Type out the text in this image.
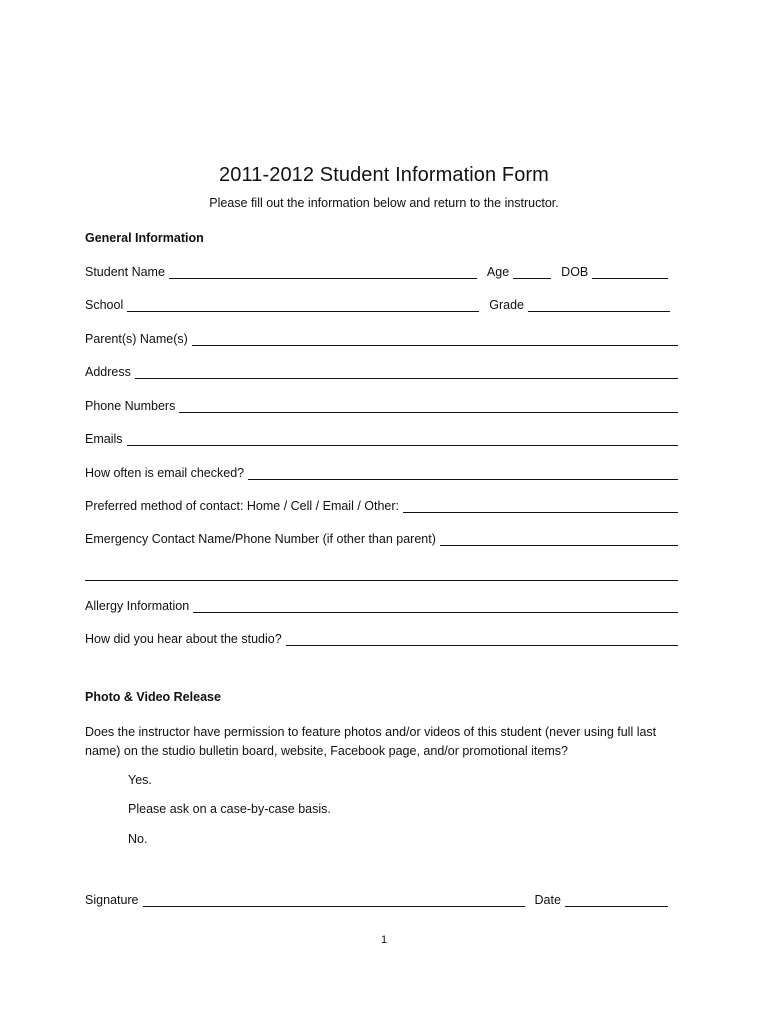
2011-2012 Student Information Form
Please fill out the information below and return to the instructor.
General Information
Student Name	Age	DOB
School	Grade
Parent(s) Name(s)
Address
Phone Numbers
Emails
How often is email checked?
Preferred method of contact: Home / Cell / Email / Other:
Emergency Contact Name/Phone Number (if other than parent)
Allergy Information
How did you hear about the studio?
Photo & Video Release
Does the instructor have permission to feature photos and/or videos of this student (never using full last name) on the studio bulletin board, website, Facebook page, and/or promotional items?
Yes.
Please ask on a case-by-case basis.
No.
Signature	Date
1
